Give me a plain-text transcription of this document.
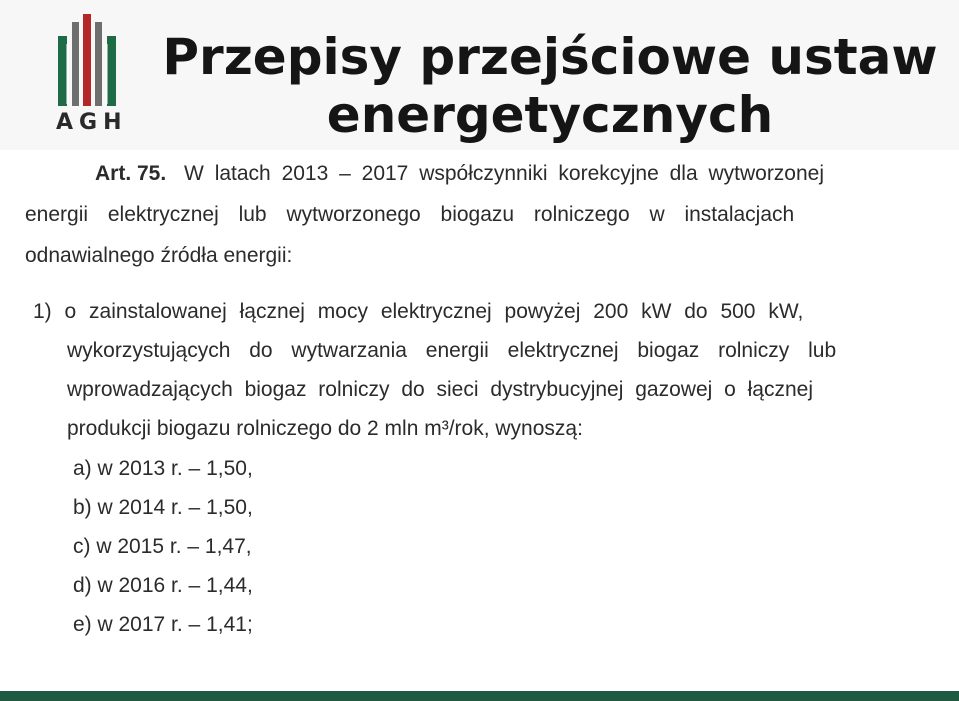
AGH
Przepisy przejściowe ustaw
energetycznych
Art. 75. W latach 2013 – 2017 współczynniki korekcyjne dla wytworzonej
energii elektrycznej lub wytworzonego biogazu rolniczego w instalacjach
odnawialnego źródła energii:
1) o zainstalowanej łącznej mocy elektrycznej powyżej 200 kW do 500 kW,
wykorzystujących do wytwarzania energii elektrycznej biogaz rolniczy lub
wprowadzających biogaz rolniczy do sieci dystrybucyjnej gazowej o łącznej
produkcji biogazu rolniczego do 2 mln m³/rok, wynoszą:
a) w 2013 r. – 1,50,
b) w 2014 r. – 1,50,
c) w 2015 r. – 1,47,
d) w 2016 r. – 1,44,
e) w 2017 r. – 1,41;
